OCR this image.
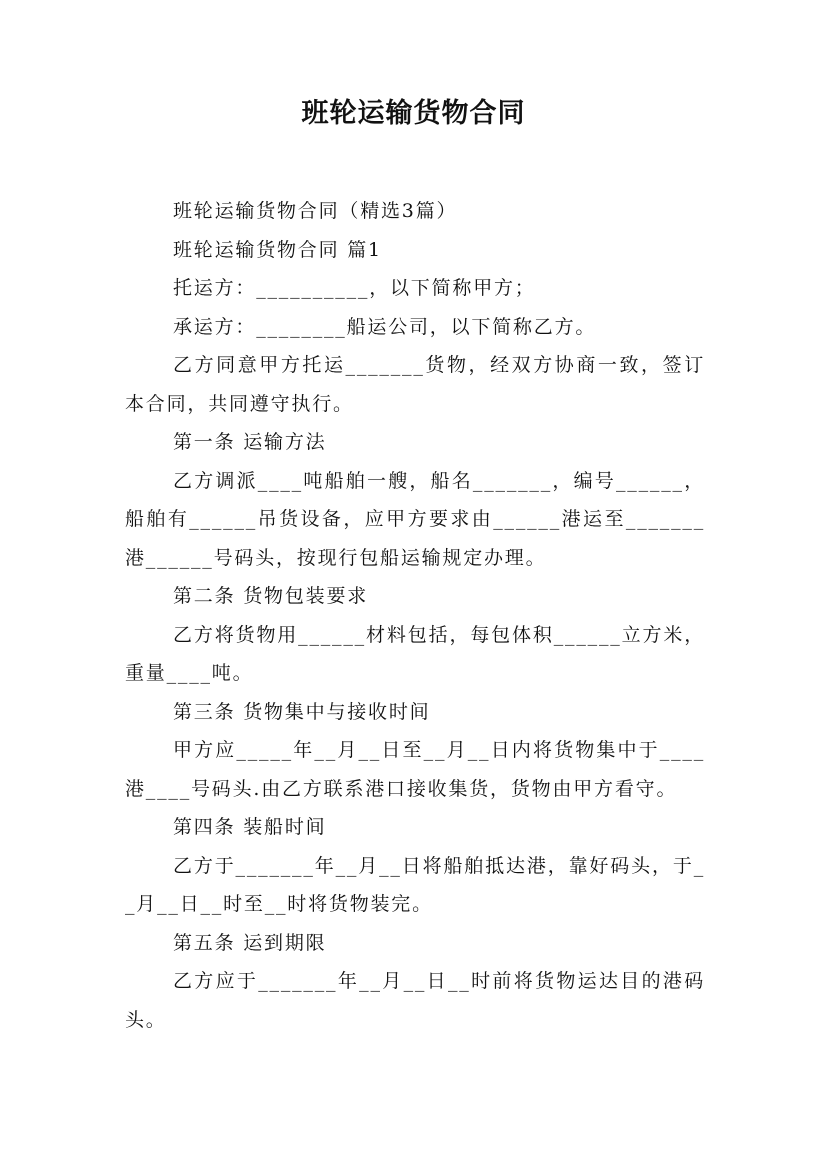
班轮运输货物合同

班轮运输货物合同（精选3篇）

班轮运输货物合同 篇1

托运方：__________，以下简称甲方；

承运方：________船运公司，以下简称乙方。

乙方同意甲方托运_______货物，经双方协商一致，签订本合同，共同遵守执行。

第一条 运输方法

乙方调派____吨船舶一艘，船名_______，编号______，船舶有______吊货设备，应甲方要求由______港运至_______港______号码头，按现行包船运输规定办理。

第二条 货物包装要求

乙方将货物用______材料包括，每包体积______立方米，重量____吨。

第三条 货物集中与接收时间

甲方应_____年__月__日至__月__日内将货物集中于____港____号码头.由乙方联系港口接收集货，货物由甲方看守。

第四条 装船时间

乙方于_______年__月__日将船舶抵达港，靠好码头，于__月__日__时至__时将货物装完。

第五条 运到期限

乙方应于_______年__月__日__时前将货物运达目的港码头。
